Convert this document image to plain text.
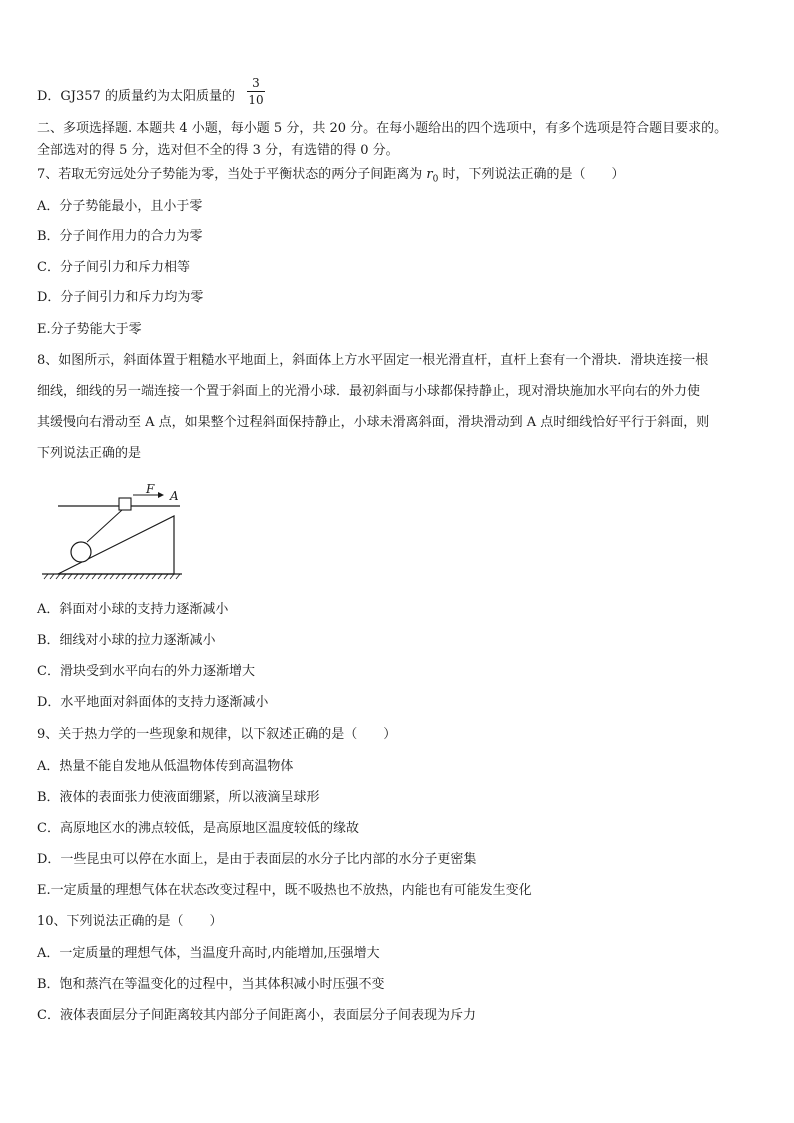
D．GJ357 的质量约为太阳质量的 $\frac{3}{10}$
二、多项选择题. 本题共 4 小题，每小题 5 分，共 20 分。在每小题给出的四个选项中，有多个选项是符合题目要求的。
全部选对的得 5 分，选对但不全的得 3 分，有选错的得 0 分。
7、若取无穷远处分子势能为零，当处于平衡状态的两分子间距离为 $r_0$ 时，下列说法正确的是（　　）
A．分子势能最小，且小于零
B．分子间作用力的合力为零
C．分子间引力和斥力相等
D．分子间引力和斥力均为零
E.分子势能大于零
8、如图所示，斜面体置于粗糙水平地面上，斜面体上方水平固定一根光滑直杆，直杆上套有一个滑块．滑块连接一根
细线，细线的另一端连接一个置于斜面上的光滑小球．最初斜面与小球都保持静止，现对滑块施加水平向右的外力使
其缓慢向右滑动至 A 点，如果整个过程斜面保持静止，小球未滑离斜面，滑块滑动到 A 点时细线恰好平行于斜面，则
下列说法正确的是
F A
A．斜面对小球的支持力逐渐减小
B．细线对小球的拉力逐渐减小
C．滑块受到水平向右的外力逐渐增大
D．水平地面对斜面体的支持力逐渐减小
9、关于热力学的一些现象和规律，以下叙述正确的是（　　）
A．热量不能自发地从低温物体传到高温物体
B．液体的表面张力使液面绷紧，所以液滴呈球形
C．高原地区水的沸点较低，是高原地区温度较低的缘故
D．一些昆虫可以停在水面上，是由于表面层的水分子比内部的水分子更密集
E.一定质量的理想气体在状态改变过程中，既不吸热也不放热，内能也有可能发生变化
10、下列说法正确的是（　　）
A．一定质量的理想气体，当温度升高时,内能增加,压强增大
B．饱和蒸汽在等温变化的过程中，当其体积减小时压强不变
C．液体表面层分子间距离较其内部分子间距离小，表面层分子间表现为斥力
